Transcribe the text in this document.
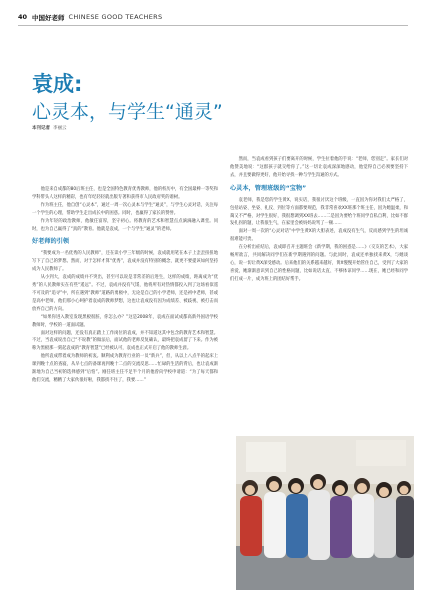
40 中国好老师 CHINESE GOOD TEACHERS
袁成:
心灵本，与学生“通灵”
本刊记者 李丽云

他是来自成都的80后班主任，也是全国特色教育优秀教师，他的校历中，有全国最棒一等奖和学科带头人这样的精彩，也有年纪轻轻就出版专著和获得市人民政府奖的谱树。

作为班主任，他自创“心灵本”，通过一周一次心灵本与学生“通灵”，与学生心灵对话，关注每一个学生的心理，帮助学生走出成长中的困惑。同时，也赢得了家长的赞誉。

作为年轻的政治教师，他敏任富厚，坚守初心。将教育的艺术和智慧点点滴滴融入课堂。同时，也为自己赢得了“真的”教育。他就是袁成，一个与学生“通灵”的老师。

好老师的引领

“我要成为一名优秀的人民教师”，还在读小学三年级的时候，袁成就用笔在本子上歪歪扭扭地写下了自己的梦想。然而，对于怎样才算“优秀”，袁成并没有特别的概念，就更不要提该如何坚持成为人民教师了。

从小到大，袁成的成绩并不突出，甚至可以说是非常差的后进生，这样的成绩，距离成为“优秀”的人民教师实在有些“遥远”。不过，袁成并没有气馁，他将所有对热情都投入到了这场看似遥不可及的“追寻”中，所在遇到“教师”道路的勇极中，无论是自己的小学老师，还是初中老师，甚或是高中老师，他们那小心呵护着袁成的教师梦想，这也让袁成没有因为成绩差、被歧视、被打击而放弃自己的方向。

“如果你进入教室发现黑板很脏，你怎么办？”这是2008年，袁成在面试成都高新外国语学校教师时，学校的一道面试题。

面对这样的问题，还没有真正踏上工作岗位的袁成，并不知道这其中包含的教育艺术和智慧。不过，当袁成说出自己“不说教”的做法后，面试他的老师反复确认，最终把袁成留了下来。作为被称为黑板那一刻起袁成的“教育智慧”已经被认可，袁成也正式开启了他的教师生涯。

他所袁成带着成为教师的初衷。顺利成为教育行业的一员“新兵”，但，从以上八点半的起床上课到晚十点的查寝，从早七点的备课再到晚十二点的交流反思……忙碌的生活的背后，也让袁成渐渐地为自己当初的选择感到“后怕”。刚任班主任不足半个月的他曾向学校申请道：“为了每天都和他们交流，精精了大家伙很好啦，我都找不住了，我要……”

然而，当袁成看到孩子们要离开的时候，学生拉着他的手说：“老师，您别走”。家长们对他赞美地说：“这群孩子就交给你了。”这一切让袁成深深地感动，他觉得自己必须要坚持下去，并且要做得更好，他开始寻找一种与学生沟通的方式。

心灵本，管理班级的“宝物”

袁老师，我是您的学生黄X，说实话，我很讨厌这个班级，一直因为你对我们太严格了，包括站姿、坐姿、礼仪、到位等方面都要规范，我非常喜欢XX班那个班主任，因为她温柔，和蔼又不严格，对学生很好，我很想调到XX班去……二是因为要给个班同学自私自利，比如不群发扎拐的题，让我很生气，在家里会被妈妈说骂了一顿……

面对一周一次的“心灵对话”中学生黄X的大胆表述，袁成没有生气，反而感到学生的坦诚很难能可贵。

在分析出症结后，袁成即召开主题班会《新学期，我的困惑是……》（交友的艺术），大家畅所欲言，共同解决同学们在新学期遇到的问题。与此同时，袁成还单独找来黄X，与她谈心，说一切让黄X深受感动。后来他们的关系越来越好，黄X慢慢开始管住自己，受到了大家的喜爱，她渐渐意识到自己的性格问题，比如说话太直、不够体谅同学……现在，她已经和同学们打成一片，成为班上的团结好帮手。
